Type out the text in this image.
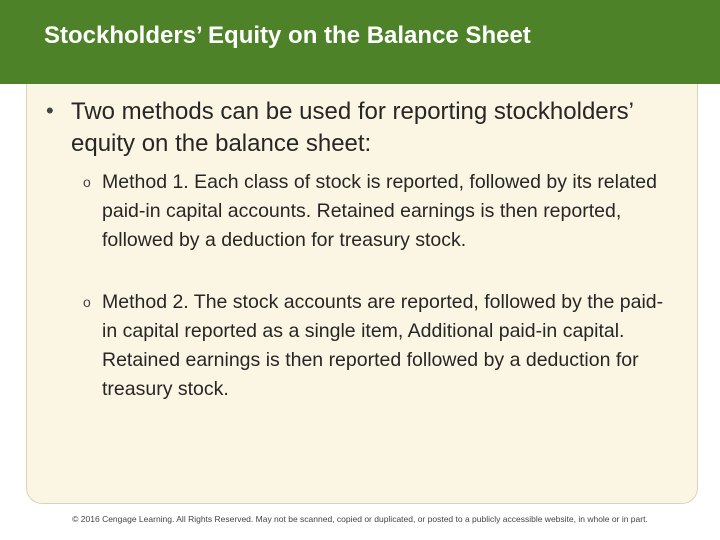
Stockholders’ Equity on the Balance Sheet
• Two methods can be used for reporting stockholders’ equity on the balance sheet:
o Method 1. Each class of stock is reported, followed by its related paid-in capital accounts. Retained earnings is then reported, followed by a deduction for treasury stock.
o Method 2. The stock accounts are reported, followed by the paid-in capital reported as a single item, Additional paid-in capital. Retained earnings is then reported followed by a deduction for treasury stock.
© 2016 Cengage Learning. All Rights Reserved. May not be scanned, copied or duplicated, or posted to a publicly accessible website, in whole or in part.
